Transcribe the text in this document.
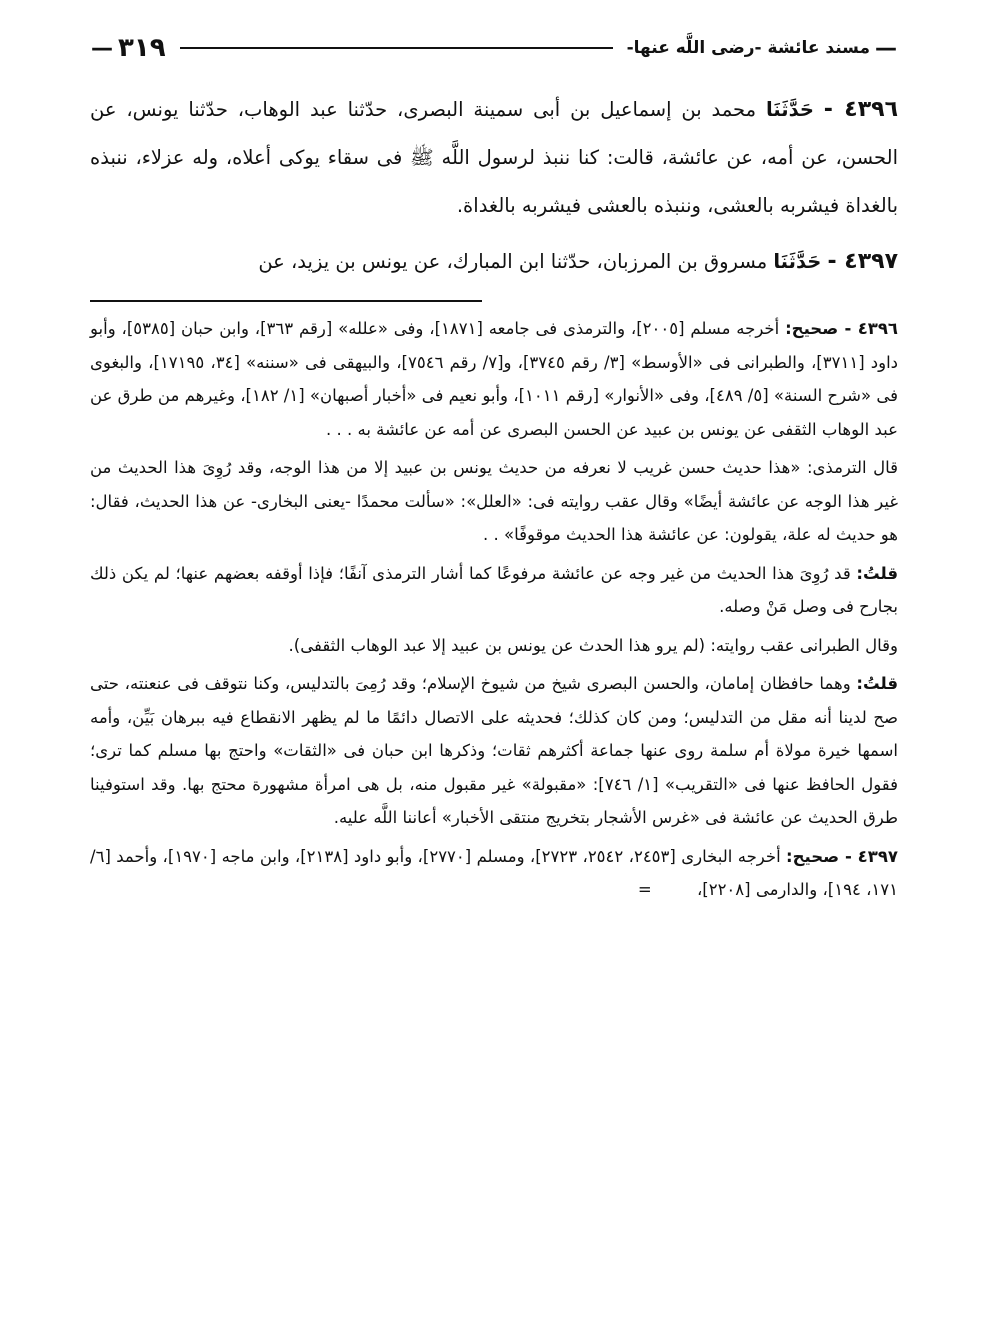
—
مسند عائشة -رضى اللَّه عنها-
٣١٩
—

٤٣٩٦ - حَدَّثَنَا محمد بن إسماعيل بن أبى سمينة البصرى، حدّثنا عبد الوهاب، حدّثنا يونس، عن الحسن، عن أمه، عن عائشة، قالت: كنا ننبذ لرسول اللَّه ﷺ فى سقاء يوكى أعلاه، وله عزلاء، ننبذه بالغداة فيشربه بالعشى، وننبذه بالعشى فيشربه بالغداة.

٤٣٩٧ - حَدَّثَنَا مسروق بن المرزبان، حدّثنا ابن المبارك، عن يونس بن يزيد، عن

٤٣٩٦ - صحيح: أخرجه مسلم [٢٠٠٥]، والترمذى فى جامعه [١٨٧١]، وفى «علله» [رقم ٣٦٣]، وابن حبان [٥٣٨٥]، وأبو داود [٣٧١١]، والطبرانى فى «الأوسط» [٣/ رقم ٣٧٤٥]، و[٧/ رقم ٧٥٤٦]، والبيهقى فى «سننه» [٣٤، ١٧١٩٥]، والبغوى فى «شرح السنة» [٥/ ٤٨٩]، وفى «الأنوار» [رقم ١٠١١]، وأبو نعيم فى «أخبار أصبهان» [١/ ١٨٢]، وغيرهم من طرق عن عبد الوهاب الثقفى عن يونس بن عبيد عن الحسن البصرى عن أمه عن عائشة به . . .

قال الترمذى: «هذا حديث حسن غريب لا نعرفه من حديث يونس بن عبيد إلا من هذا الوجه، وقد رُوِىَ هذا الحديث من غير هذا الوجه عن عائشة أيضًا» وقال عقب روايته فى: «العلل»: «سألت محمدًا -يعنى البخارى- عن هذا الحديث، فقال: هو حديث له علة، يقولون: عن عائشة هذا الحديث موقوفًا» . .

قلتُ: قد رُوِىَ هذا الحديث من غير وجه عن عائشة مرفوعًا كما أشار الترمذى آنفًا؛ فإذا أوقفه بعضهم عنها؛ لم يكن ذلك بجارح فى وصل مَنْ وصله.

وقال الطبرانى عقب روايته: (لم يرو هذا الحدث عن يونس بن عبيد إلا عبد الوهاب الثقفى).

قلتُ: وهما حافظان إمامان، والحسن البصرى شيخ من شيوخ الإسلام؛ وقد رُمِىَ بالتدليس، وكنا نتوقف فى عنعنته، حتى صح لدينا أنه مقل من التدليس؛ ومن كان كذلك؛ فحديثه على الاتصال دائمًا ما لم يظهر الانقطاع فيه ببرهان بَيِّن، وأمه اسمها خيرة مولاة أم سلمة روى عنها جماعة أكثرهم ثقات؛ وذكرها ابن حبان فى «الثقات» واحتج بها مسلم كما ترى؛ فقول الحافظ عنها فى «التقريب» [١/ ٧٤٦]: «مقبولة» غير مقبول منه، بل هى امرأة مشهورة محتج بها. وقد استوفينا طرق الحديث عن عائشة فى «غرس الأشجار بتخريج منتقى الأخبار» أعاننا اللَّه عليه.

٤٣٩٧ - صحيح: أخرجه البخارى [٢٤٥٣، ٢٥٤٢، ٢٧٢٣]، ومسلم [٢٧٧٠]، وأبو داود [٢١٣٨]، وابن ماجه [١٩٧٠]، وأحمد [٦/ ١٧١، ١٩٤]، والدارمى [٢٢٠٨]، =
